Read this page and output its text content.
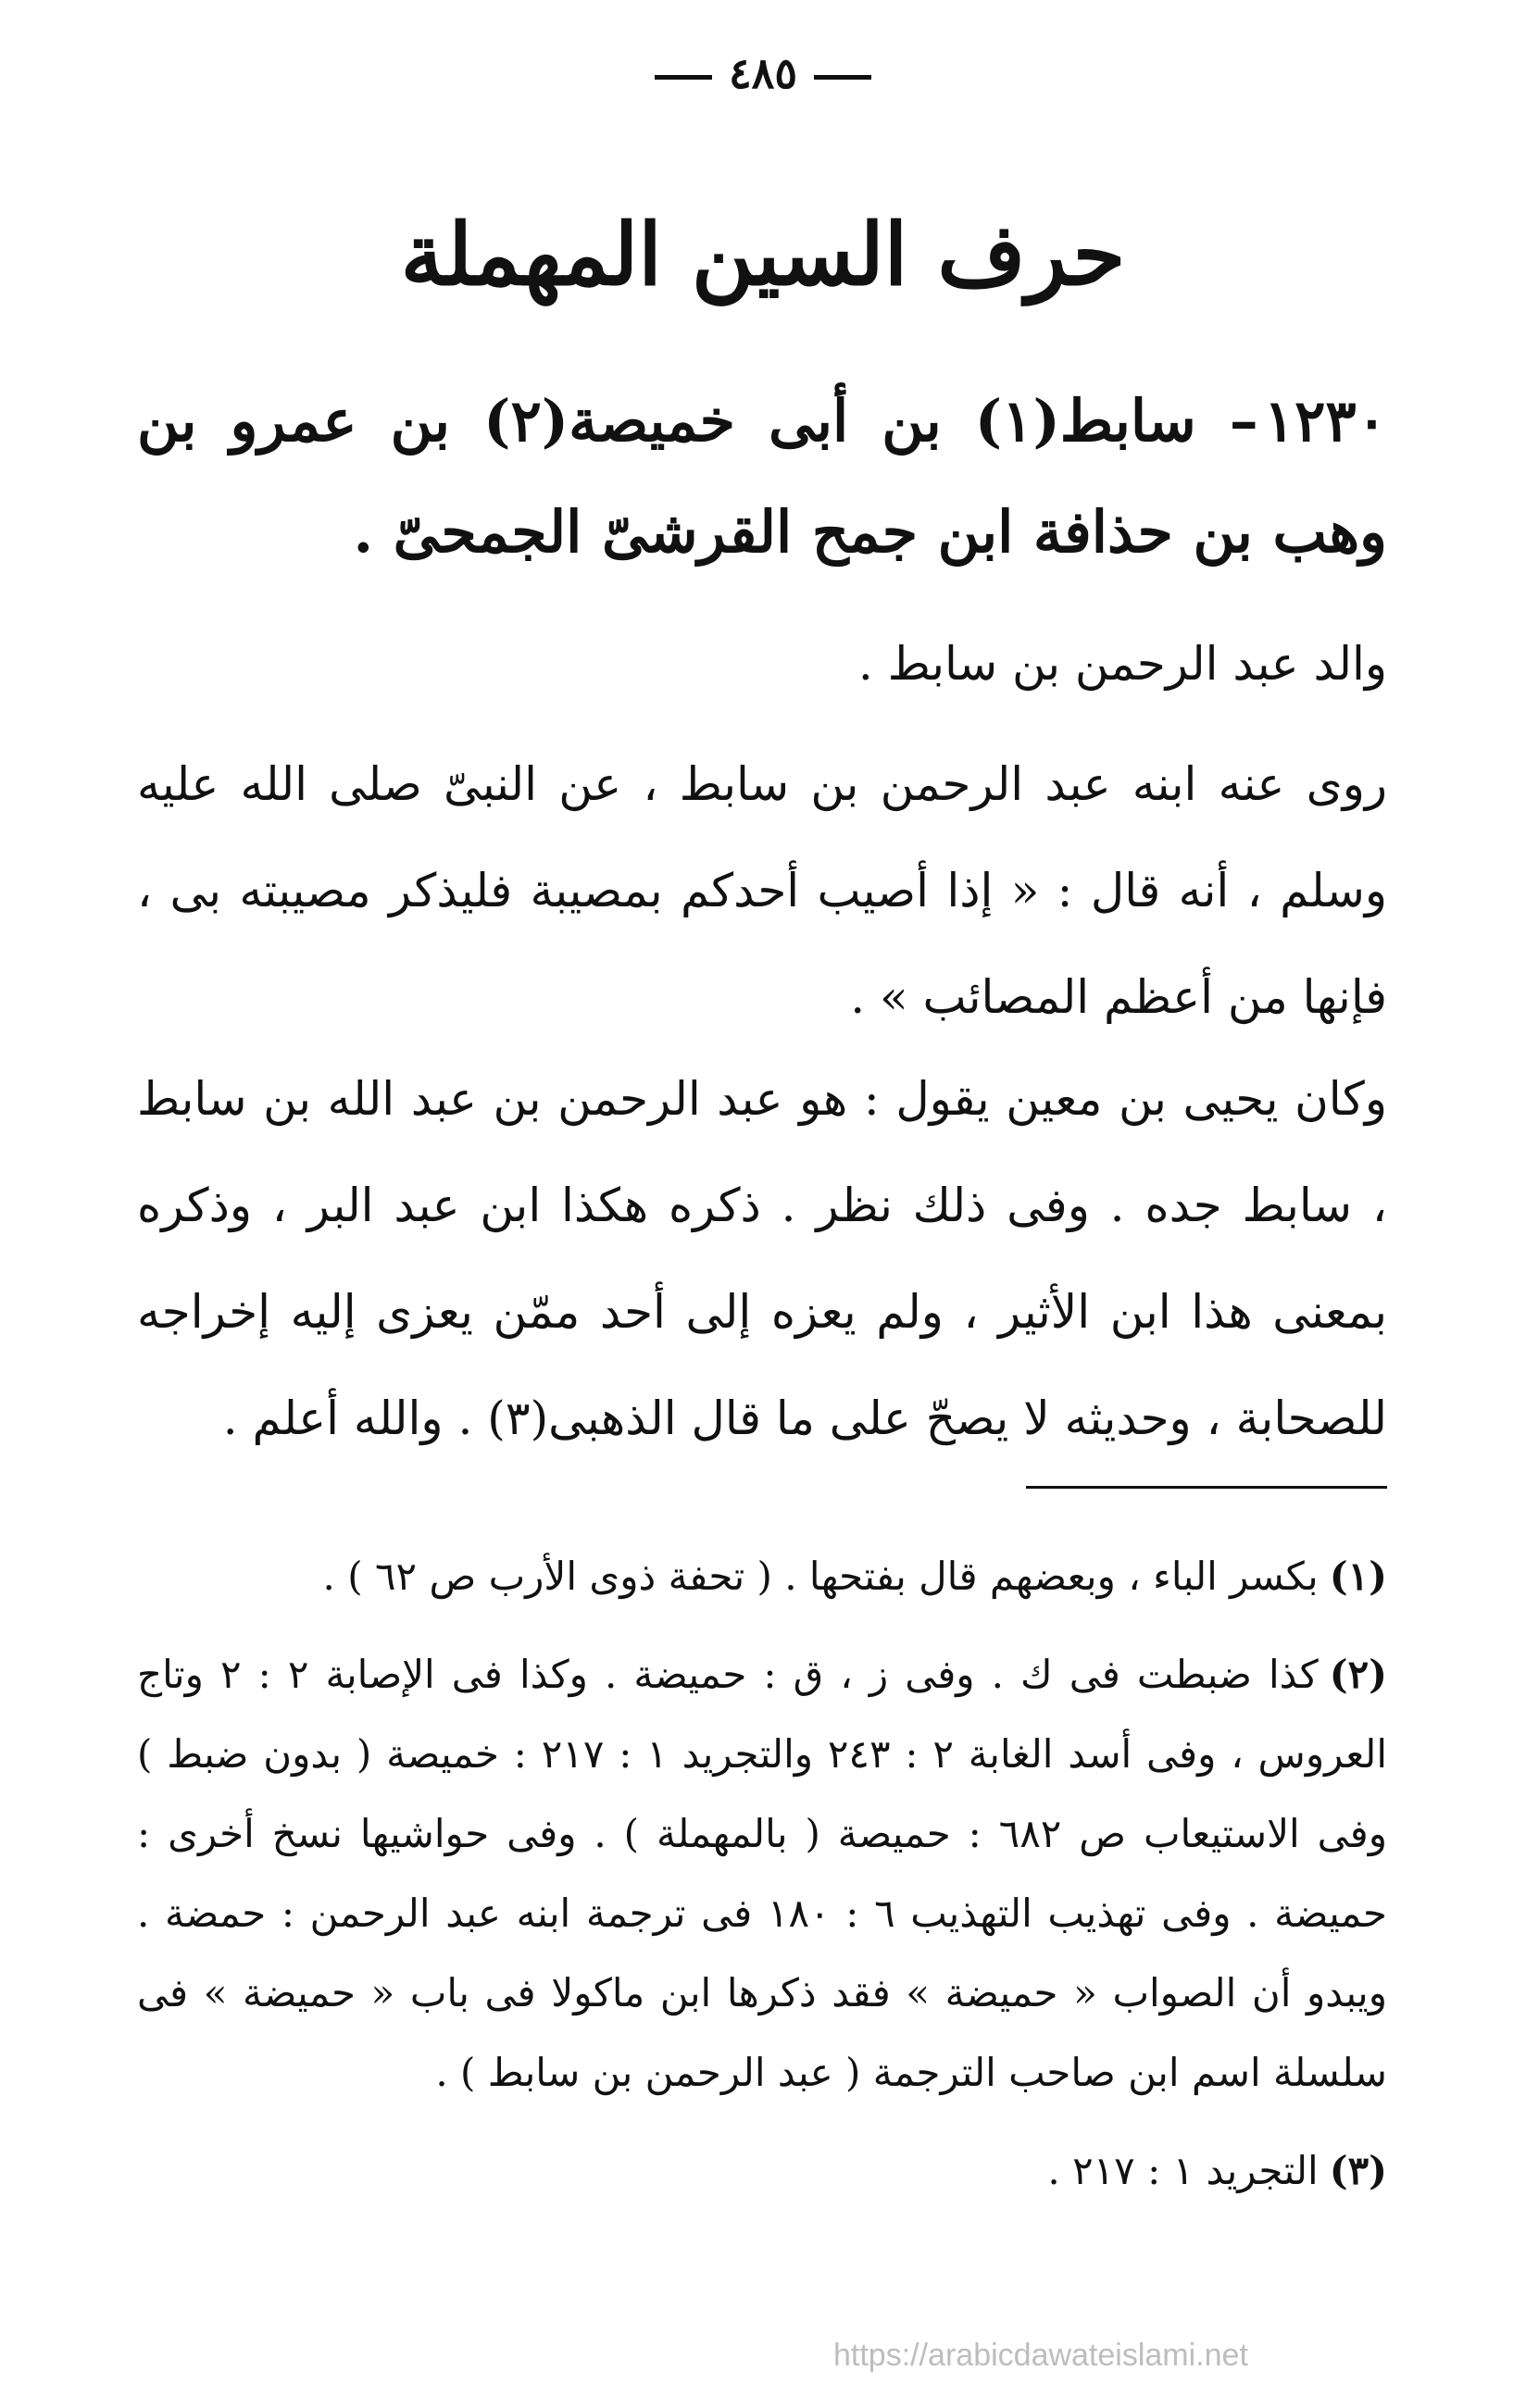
٤٨٥
حرف السين المهملة
١٢٣٠– سابط(١) بن أبى خميصة(٢) بن عمرو بن وهب بن حذافة ابن جمح القرشىّ الجمحىّ .
والد عبد الرحمن بن سابط .
روى عنه ابنه عبد الرحمن بن سابط ، عن النبىّ صلى الله عليه وسلم ، أنه قال : « إذا أصيب أحدكم بمصيبة فليذكر مصيبته بى ، فإنها من أعظم المصائب » .
وكان يحيى بن معين يقول : هو عبد الرحمن بن عبد الله بن سابط ، سابط جده . وفى ذلك نظر . ذكره هكذا ابن عبد البر ، وذكره بمعنى هذا ابن الأثير ، ولم يعزه إلى أحد ممّن يعزى إليه إخراجه للصحابة ، وحديثه لا يصحّ على ما قال الذهبى(٣) . والله أعلم .
(١)بكسر الباء ، وبعضهم قال بفتحها . ( تحفة ذوى الأرب ص ٦٢ ) .
(٢)كذا ضبطت فى ك . وفى ز ، ق : حميضة . وكذا فى الإصابة ٢ : ٢ وتاج العروس ، وفى أسد الغابة ٢ : ٢٤٣ والتجريد ١ : ٢١٧ : خميصة ( بدون ضبط ) وفى الاستيعاب ص ٦٨٢ : حميصة ( بالمهملة ) . وفى حواشيها نسخ أخرى : حميضة . وفى تهذيب التهذيب ٦ : ١٨٠ فى ترجمة ابنه عبد الرحمن : حمضة . ويبدو أن الصواب « حميضة » فقد ذكرها ابن ماكولا فى باب « حميضة » فى سلسلة اسم ابن صاحب الترجمة ( عبد الرحمن بن سابط ) .
(٣)التجريد ١ : ٢١٧ .
https://arabicdawateislami.net
